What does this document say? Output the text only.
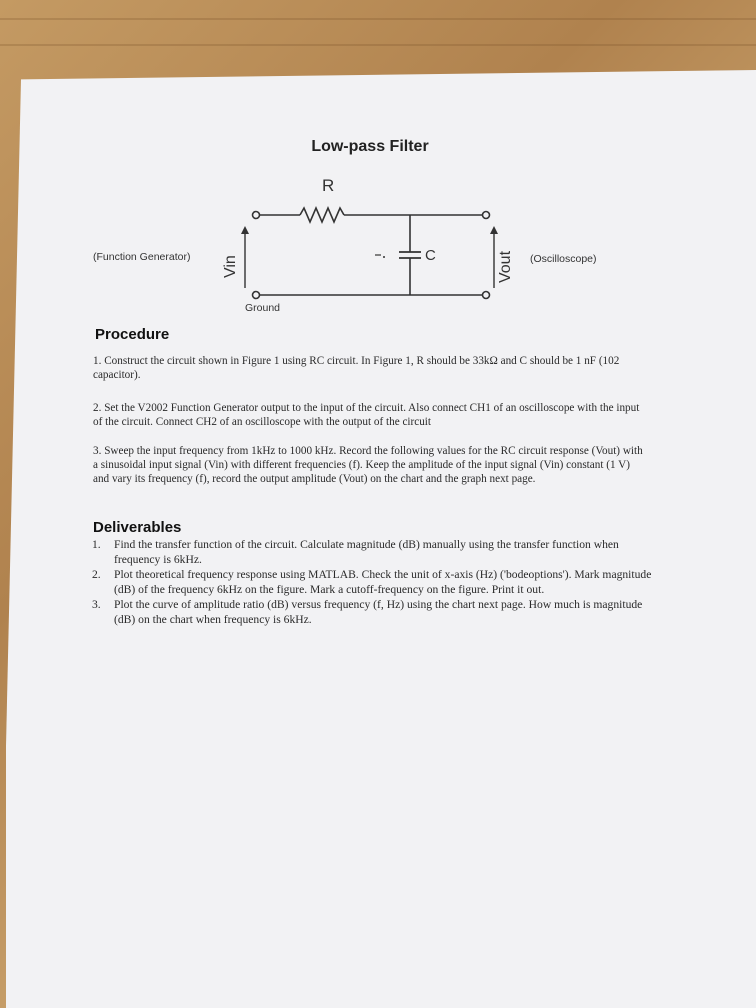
Low-pass Filter
R
C
Vin	Vout
Ground
(Function Generator)	(Oscilloscope)
Procedure
1. Construct the circuit shown in Figure 1 using RC circuit. In Figure 1, R should be 33kΩ and C should be 1 nF (102 capacitor).
2. Set the V2002 Function Generator output to the input of the circuit. Also connect CH1 of an oscilloscope with the input of the circuit. Connect CH2 of an oscilloscope with the output of the circuit
3. Sweep the input frequency from 1kHz to 1000 kHz. Record the following values for the RC circuit response (Vout) with a sinusoidal input signal (Vin) with different frequencies (f). Keep the amplitude of the input signal (Vin) constant (1 V) and vary its frequency (f), record the output amplitude (Vout) on the chart and the graph next page.
Deliverables
1.	Find the transfer function of the circuit. Calculate magnitude (dB) manually using the transfer function when frequency is 6kHz.
2.	Plot theoretical frequency response using MATLAB. Check the unit of x-axis (Hz) ('bodeoptions'). Mark magnitude (dB) of the frequency 6kHz on the figure. Mark a cutoff-frequency on the figure. Print it out.
3.	Plot the curve of amplitude ratio (dB) versus frequency (f, Hz) using the chart next page. How much is magnitude (dB) on the chart when frequency is 6kHz.
